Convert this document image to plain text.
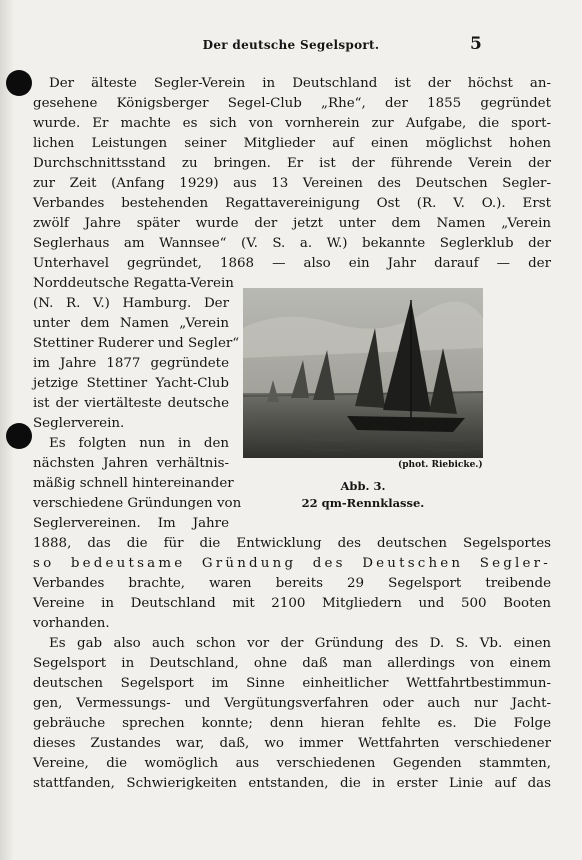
Der deutsche Segelsport.	5
Der älteste Segler-Verein in Deutschland ist der höchst an-
gesehene Königsberger Segel-Club „Rhe“, der 1855 gegründet
wurde. Er machte es sich von vornherein zur Aufgabe, die sport-
lichen Leistungen seiner Mitglieder auf einen möglichst hohen
Durchschnittsstand zu bringen. Er ist der führende Verein der
zur Zeit (Anfang 1929) aus 13 Vereinen des Deutschen Segler-
Verbandes bestehenden Regattavereinigung Ost (R. V. O.). Erst
zwölf Jahre später wurde der jetzt unter dem Namen „Verein
Seglerhaus am Wannsee“ (V. S. a. W.) bekannte Seglerklub der
Unterhavel gegründet, 1868 — also ein Jahr darauf — der
Norddeutsche Regatta-Verein
(N. R. V.) Hamburg. Der
unter dem Namen „Verein
Stettiner Ruderer und Segler“
im Jahre 1877 gegründete
jetzige Stettiner Yacht-Club
ist der viertälteste deutsche
Seglerverein.
Es folgten nun in den
nächsten Jahren verhältnis-
mäßig schnell hintereinander
verschiedene Gründungen von
Seglervereinen. Im Jahre
1888, das die für die Entwicklung des deutschen Segelsportes
so bedeutsame Gründung des Deutschen Segler-
Verbandes brachte, waren bereits 29 Segelsport treibende
Vereine in Deutschland mit 2100 Mitgliedern und 500 Booten
vorhanden.
Es gab also auch schon vor der Gründung des D. S. Vb. einen
Segelsport in Deutschland, ohne daß man allerdings von einem
deutschen Segelsport im Sinne einheitlicher Wettfahrtbestimmun-
gen, Vermessungs- und Vergütungsverfahren oder auch nur Jacht-
gebräuche sprechen konnte; denn hieran fehlte es. Die Folge
dieses Zustandes war, daß, wo immer Wettfahrten verschiedener
Vereine, die womöglich aus verschiedenen Gegenden stammten,
stattfanden, Schwierigkeiten entstanden, die in erster Linie auf das
(phot. Riebicke.)
Abb. 3.
22 qm-Rennklasse.
